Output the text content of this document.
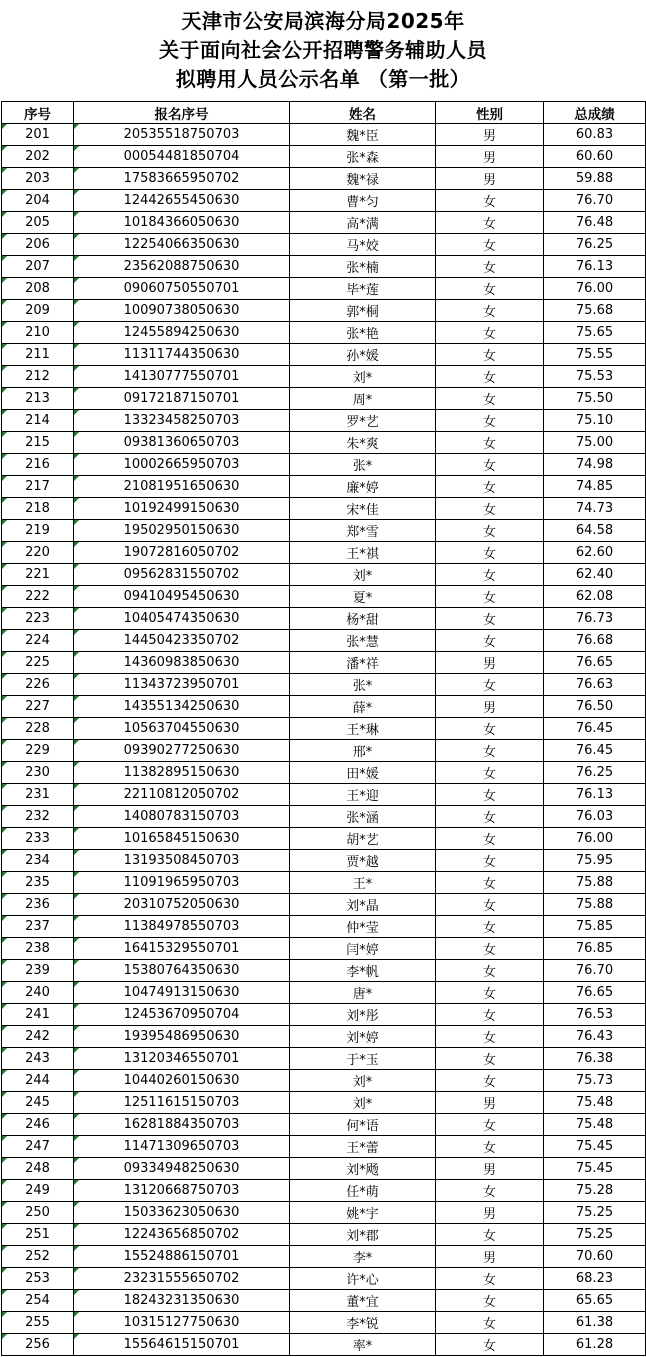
天津市公安局滨海分局2025年
关于面向社会公开招聘警务辅助人员
拟聘用人员公示名单 （第一批）
序号	报名序号	姓名	性别	总成绩
201	20535518750703	魏*臣	男	60.83
202	00054481850704	张*森	男	60.60
203	17583665950702	魏*禄	男	59.88
204	12442655450630	曹*匀	女	76.70
205	10184366050630	高*满	女	76.48
206	12254066350630	马*姣	女	76.25
207	23562088750630	张*楠	女	76.13
208	09060750550701	毕*莲	女	76.00
209	10090738050630	郭*桐	女	75.68
210	12455894250630	张*艳	女	75.65
211	11311744350630	孙*媛	女	75.55
212	14130777550701	刘*	女	75.53
213	09172187150701	周*	女	75.50
214	13323458250703	罗*艺	女	75.10
215	09381360650703	朱*爽	女	75.00
216	10002665950703	张*	女	74.98
217	21081951650630	廉*婷	女	74.85
218	10192499150630	宋*佳	女	74.73
219	19502950150630	郑*雪	女	64.58
220	19072816050702	王*祺	女	62.60
221	09562831550702	刘*	女	62.40
222	09410495450630	夏*	女	62.08
223	10405474350630	杨*甜	女	76.73
224	14450423350702	张*慧	女	76.68
225	14360983850630	潘*祥	男	76.65
226	11343723950701	张*	女	76.63
227	14355134250630	薛*	男	76.50
228	10563704550630	王*琳	女	76.45
229	09390277250630	邢*	女	76.45
230	11382895150630	田*媛	女	76.25
231	22110812050702	王*迎	女	76.13
232	14080783150703	张*涵	女	76.03
233	10165845150630	胡*艺	女	76.00
234	13193508450703	贾*越	女	75.95
235	11091965950703	王*	女	75.88
236	20310752050630	刘*晶	女	75.88
237	11384978550703	仲*莹	女	75.85
238	16415329550701	闫*婷	女	76.85
239	15380764350630	李*帆	女	76.70
240	10474913150630	唐*	女	76.65
241	12453670950704	刘*彤	女	76.53
242	19395486950630	刘*婷	女	76.43
243	13120346550701	于*玉	女	76.38
244	10440260150630	刘*	女	75.73
245	12511615150703	刘*	男	75.48
246	16281884350703	何*语	女	75.48
247	11471309650703	王*蕾	女	75.45
248	09334948250630	刘*飏	男	75.45
249	13120668750703	任*萌	女	75.28
250	15033623050630	姚*宇	男	75.25
251	12243656850702	刘*郡	女	75.25
252	15524886150701	李*	男	70.60
253	23231555650702	许*心	女	68.23
254	18243231350630	董*宜	女	65.65
255	10315127750630	李*锐	女	61.38
256	15564615150701	率*	女	61.28
